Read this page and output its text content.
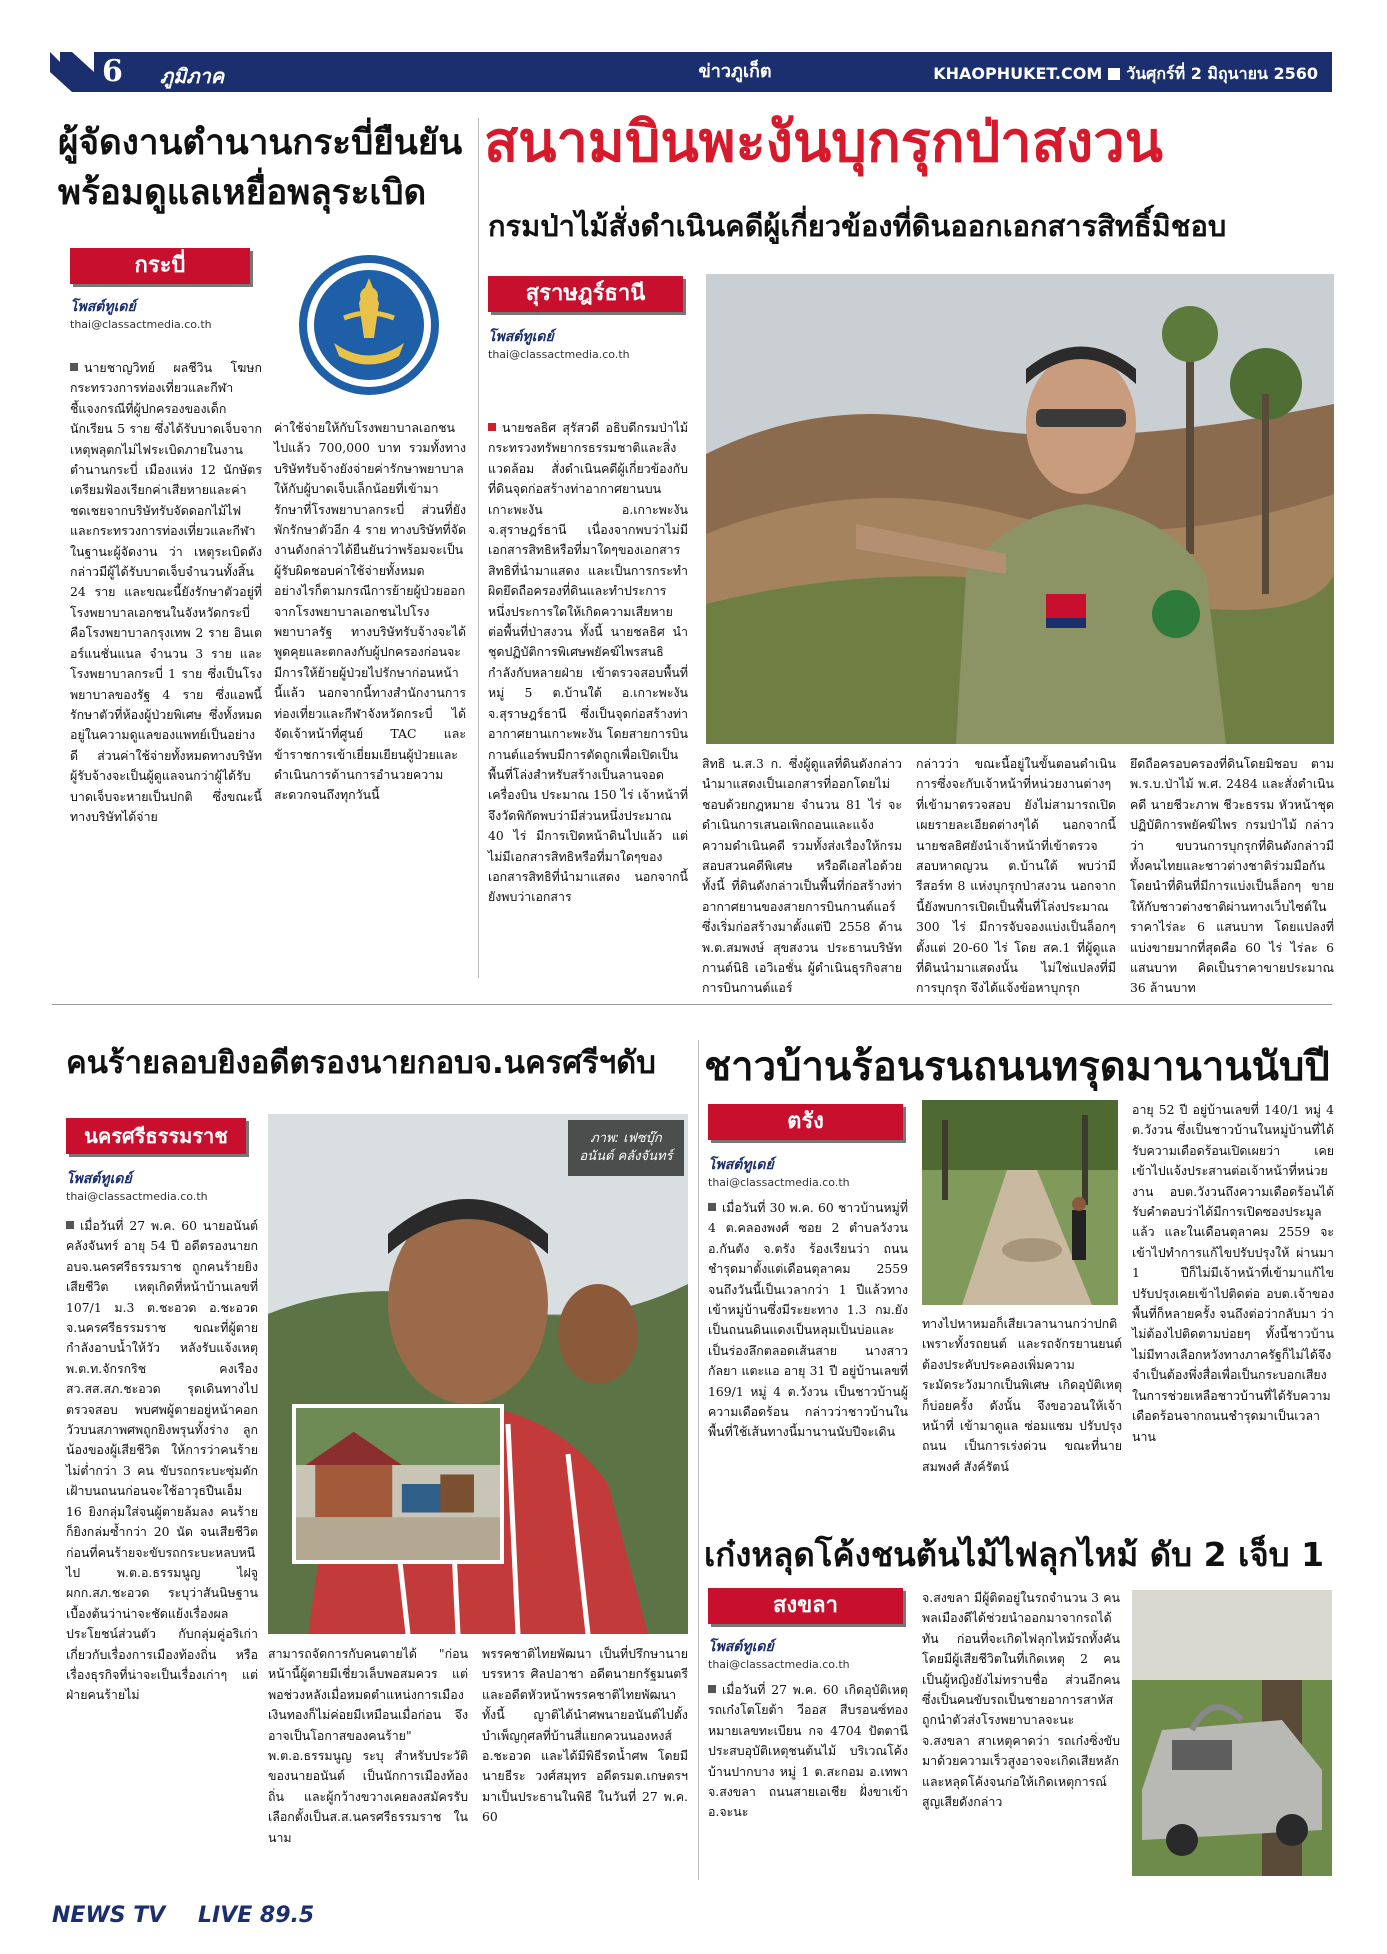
6 ภูมิภาค	ข่าวภูเก็ต	KHAOPHUKET.COM วันศุกร์ที่ 2 มิถุนายน 2560
ผู้จัดงานตำนานกระบี่ยืนยัน พร้อมดูแลเหยื่อพลุระเบิด
กระบี่
โพสต์ทูเดย์
thai@classactmedia.co.th
นายชาญวิทย์ ผลชีวิน โฆษกกระทรวงการท่องเที่ยวและกีฬา ชี้แจงกรณีที่ผู้ปกครองของเด็กนักเรียน 5 ราย ซึ่งได้รับบาดเจ็บจากเหตุพลุตกไม่ไฟระเบิดภายในงานตำนานกระบี่ เมืองแห่ง 12 นักษัตร เตรียมฟ้องเรียกค่าเสียหายและค่าชดเชยจากบริษัทรับจัดดอกไม้ไฟ และกระทรวงการท่องเที่ยวและกีฬา ในฐานะผู้จัดงาน ว่า เหตุระเบิดดังกล่าวมีผู้ได้รับบาดเจ็บจำนวนทั้งสิ้น 24 ราย และขณะนี้ยังรักษาตัวอยู่ที่โรงพยาบาลเอกชนในจังหวัดกระบี่ คือโรงพยาบาลกรุงเทพ 2 ราย อินเตอร์แนชั่นแนล จำนวน 3 ราย และโรงพยาบาลกระบี่ 1 ราย ซึ่งเป็นโรงพยาบาลของรัฐ 4 ราย ซึ่งแอพนี้รักษาตัวที่ห้องผู้ป่วยพิเศษ ซึ่งทั้งหมดอยู่ในความดูแลของแพทย์เป็นอย่างดี ส่วนค่าใช้จ่ายทั้งหมดทางบริษัทผู้รับจ้างจะเป็นผู้ดูแลจนกว่าผู้ได้รับบาดเจ็บจะหายเป็นปกติ ซึ่งขณะนี้ทางบริษัทได้จ่าย
ค่าใช้จ่ายให้กับโรงพยาบาลเอกชนไปแล้ว 700,000 บาท รวมทั้งทางบริษัทรับจ้างยังจ่ายค่ารักษาพยาบาลให้กับผู้บาดเจ็บเล็กน้อยที่เข้ามารักษาที่โรงพยาบาลกระบี่ ส่วนที่ยังพักรักษาตัวอีก 4 ราย ทางบริษัทที่จัดงานดังกล่าวได้ยืนยันว่าพร้อมจะเป็นผู้รับผิดชอบค่าใช้จ่ายทั้งหมด อย่างไรก็ตามกรณีการย้ายผู้ป่วยออกจากโรงพยาบาลเอกชนไปโรงพยาบาลรัฐ ทางบริษัทรับจ้างจะได้พูดคุยและตกลงกับผู้ปกครองก่อนจะมีการให้ย้ายผู้ป่วยไปรักษาก่อนหน้านี้แล้ว นอกจากนี้ทางสำนักงานการท่องเที่ยวและกีฬาจังหวัดกระบี่ ได้จัดเจ้าหน้าที่ศูนย์ TAC และข้าราชการเข้าเยี่ยมเยียนผู้ป่วยและดำเนินการด้านการอำนวยความสะดวกจนถึงทุกวันนี้
สนามบินพะงันบุกรุกป่าสงวน
กรมป่าไม้สั่งดำเนินคดีผู้เกี่ยวข้องที่ดินออกเอกสารสิทธิ์มิชอบ
สุราษฎร์ธานี
โพสต์ทูเดย์
thai@classactmedia.co.th
นายชลธิศ สุรัสวดี อธิบดีกรมป่าไม้ กระทรวงทรัพยากรธรรมชาติและสิ่งแวดล้อม สั่งดำเนินคดีผู้เกี่ยวข้องกับที่ดินจุดก่อสร้างท่าอากาศยานบนเกาะพะงัน อ.เกาะพะงัน จ.สุราษฎร์ธานี เนื่องจากพบว่าไม่มีเอกสารสิทธิหรือที่มาใดๆของเอกสารสิทธิที่นำมาแสดง และเป็นการกระทำผิดยึดถือครองที่ดินและทำประการหนึ่งประการใดให้เกิดความเสียหายต่อพื้นที่ป่าสงวน ทั้งนี้ นายชลธิศ นำชุดปฏิบัติการพิเศษพยัคฆ์ไพรสนธิกำลังกับหลายฝ่าย เข้าตรวจสอบพื้นที่หมู่ 5 ต.บ้านใต้ อ.เกาะพะงัน จ.สุราษฎร์ธานี ซึ่งเป็นจุดก่อสร้างท่าอากาศยานเกาะพะงัน โดยสายการบินกานต์แอร์พบมีการตัดถูกเพื่อเปิดเป็นพื้นที่โล่งสำหรับสร้างเป็นลานจอดเครื่องบิน ประมาณ 150 ไร่ เจ้าหน้าที่จึงวัดพิกัดพบว่ามีส่วนหนึ่งประมาณ 40 ไร่ มีการเปิดหน้าดินไปแล้ว แต่ไม่มีเอกสารสิทธิหรือที่มาใดๆของเอกสารสิทธิที่นำมาแสดง นอกจากนี้ยังพบว่าเอกสาร
สิทธิ น.ส.3 ก. ซึ่งผู้ดูแลที่ดินดังกล่าวนำมาแสดงเป็นเอกสารที่ออกโดยไม่ชอบด้วยกฎหมาย จำนวน 81 ไร่ จะดำเนินการเสนอเพิกถอนและแจ้งความดำเนินคดี รวมทั้งส่งเรื่องให้กรมสอบสวนคดีพิเศษ หรือดีเอสไอด้วย ทั้งนี้ ที่ดินดังกล่าวเป็นพื้นที่ก่อสร้างท่าอากาศยานของสายการบินกานต์แอร์ ซึ่งเริ่มก่อสร้างมาตั้งแต่ปี 2558 ด้าน พ.ต.สมพงษ์ สุขสงวน ประธานบริษัท กานต์นิธิ เอวิเอชั่น ผู้ดำเนินธุรกิจสายการบินกานต์แอร์
กล่าวว่า ขณะนี้อยู่ในขั้นตอนดำเนินการซึ่งจะกับเจ้าหน้าที่หน่วยงานต่างๆ ที่เข้ามาตรวจสอบ ยังไม่สามารถเปิดเผยรายละเอียดต่างๆได้ นอกจากนี้ นายชลธิศยังนำเจ้าหน้าที่เข้าตรวจสอบหาดญวน ต.บ้านใต้ พบว่ามีรีสอร์ท 8 แห่งบุกรุกป่าสงวน นอกจากนี้ยังพบการเปิดเป็นพื้นที่โล่งประมาณ 300 ไร่ มีการจับจองแบ่งเป็นล็อกๆตั้งแต่ 20-60 ไร่ โดย สค.1 ที่ผู้ดูแลที่ดินนำมาแสดงนั้น ไม่ใช่แปลงที่มีการบุกรุก จึงได้แจ้งข้อหาบุกรุก
ยึดถือครอบครองที่ดินโดยมิชอบ ตาม พ.ร.บ.ป่าไม้ พ.ศ. 2484 และสั่งดำเนินคดี นายชีวะภาพ ชีวะธรรม หัวหน้าชุดปฏิบัติการพยัคฆ์ไพร กรมป่าไม้ กล่าวว่า ขบวนการบุกรุกที่ดินดังกล่าวมีทั้งคนไทยและชาวต่างชาติร่วมมือกัน โดยนำที่ดินที่มีการแบ่งเป็นล็อกๆ ขายให้กับชาวต่างชาติผ่านทางเว็บไซต์ในราคาไร่ละ 6 แสนบาท โดยแปลงที่แบ่งขายมากที่สุดคือ 60 ไร่ ไร่ละ 6 แสนบาท คิดเป็นราคาขายประมาณ 36 ล้านบาท
คนร้ายลอบยิงอดีตรองนายกอบจ.นครศรีฯดับ
นครศรีธรรมราช
โพสต์ทูเดย์
thai@classactmedia.co.th
ภาพ: เฟซบุ๊ก
อนันต์ คลังจันทร์
เมื่อวันที่ 27 พ.ค. 60 นายอนันต์ คลังจันทร์ อายุ 54 ปี อดีตรองนายก อบจ.นครศรีธรรมราช ถูกคนร้ายยิงเสียชีวิต เหตุเกิดที่หน้าบ้านเลขที่ 107/1 ม.3 ต.ชะอวด อ.ชะอวด จ.นครศรีธรรมราช ขณะที่ผู้ตายกำลังอาบน้ำให้วัว หลังรับแจ้งเหตุ พ.ต.ท.จักรกริช คงเรือง สว.สส.สภ.ชะอวด รุดเดินทางไปตรวจสอบ พบศพผู้ตายอยู่หน้าคอกวัวบนสภาพศพถูกยิงพรุนทั้งร่าง ลูกน้องของผู้เสียชีวิต ให้การว่าคนร้ายไม่ต่ำกว่า 3 คน ขับรถกระบะซุ่มดักเฝ้าบนถนนก่อนจะใช้อาวุธปืนเอ็ม 16 ยิงกลุ่มใส่จนผู้ตายล้มลง คนร้ายก็ยิงกล่มซ้ำกว่า 20 นัด จนเสียชีวิต ก่อนที่คนร้ายจะขับรถกระบะหลบหนีไป พ.ต.อ.ธรรมนูญ ไฝจู ผกก.สภ.ชะอวด ระบุว่าสันนิษฐานเบื้องต้นว่าน่าจะชัดแย้งเรื่องผลประโยชน์ส่วนตัว กับกลุ่มคู่อริเก่าเกี่ยวกับเรื่องการเมืองท้องถิ่น หรือ เรื่องธุรกิจที่น่าจะเป็นเรื่องเก่าๆ แต่ฝ่ายคนร้ายไม่
สามารถจัดการกับคนตายได้ "ก่อนหน้านี้ผู้ตายมีเชี่ยวเล็บพอสมควร แต่พอช่วงหลังเมื่อหมดตำแหน่งการเมือง เงินทองก็ไม่ค่อยมีเหมือนเมื่อก่อน จึงอาจเป็นโอกาสของคนร้าย" พ.ต.อ.ธรรมนูญ ระบุ สำหรับประวัติของนายอนันต์ เป็นนักการเมืองท้องถิ่น และผู้กว้างขวางเคยลงสมัครรับเลือกตั้งเป็นส.ส.นครศรีธรรมราช ในนาม
พรรคชาติไทยพัฒนา เป็นที่ปรึกษานายบรรหาร ศิลปอาชา อดีตนายกรัฐมนตรี และอดีตหัวหน้าพรรคชาติไทยพัฒนา ทั้งนี้ ญาติได้นำศพนายอนันต์ไปตั้งบำเพ็ญกุศลที่บ้านสี่แยกควนนองหงส์ อ.ชะอวด และได้มีพิธีรดน้ำศพ โดยมีนายธีระ วงศ์สมุทร อดีตรมต.เกษตรฯมาเป็นประธานในพิธี ในวันที่ 27 พ.ค. 60
ชาวบ้านร้อนรนถนนทรุดมานานนับปี
ตรัง
โพสต์ทูเดย์
thai@classactmedia.co.th
เมื่อวันที่ 30 พ.ค. 60 ชาวบ้านหมู่ที่ 4 ต.คลองพงศ์ ซอย 2 ตำบลวังวน อ.กันตัง จ.ตรัง ร้องเรียนว่า ถนนชำรุดมาตั้งแต่เดือนตุลาคม 2559 จนถึงวันนี้เป็นเวลากว่า 1 ปีแล้วทางเข้าหมู่บ้านซึ่งมีระยะทาง 1.3 กม.ยังเป็นถนนดินแดงเป็นหลุมเป็นบ่อและ เป็นร่องลึกตลอดเส้นสาย นางสาวกัลยา แตะแอ อายุ 31 ปี อยู่บ้านเลขที่ 169/1 หมู่ 4 ต.วังวน เป็นชาวบ้านผู้ความเดือดร้อน กล่าวว่าชาวบ้านในพื้นที่ใช้เส้นทางนี้มานานนับปีจะเดิน
ทางไปหาหมอก็เสียเวลานานกว่าปกติเพราะทั้งรถยนต์ และรถจักรยานยนต์ ต้องประคับประคองเพิ่มความระมัดระวังมากเป็นพิเศษ เกิดอุบัติเหตุก็บ่อยครั้ง ดังนั้น จึงขอวอนให้เจ้าหน้าที่ เข้ามาดูแล ซ่อมแซม ปรับปรุง ถนน เป็นการเร่งด่วน ขณะที่นายสมพงศ์ สังค์รัตน์
อายุ 52 ปี อยู่บ้านเลขที่ 140/1 หมู่ 4 ต.วังวน ซึ่งเป็นชาวบ้านในหมู่บ้านที่ได้รับความเดือดร้อนเปิดเผยว่า เคยเข้าไปแจ้งประสานต่อเจ้าหน้าที่หน่วยงาน อบต.วังวนถึงความเดือดร้อนได้รับคำตอบว่าได้มีการเปิดซองประมูลแล้ว และในเดือนตุลาคม 2559 จะเข้าไปทำการแก้ไขปรับปรุงให้ ผ่านมา 1 ปีก็ไม่มีเจ้าหน้าที่เข้ามาแก้ไขปรับปรุงเคยเข้าไปติดต่อ อบต.เจ้าของพื้นที่ก็หลายครั้ง จนถึงต่อว่ากลับมา ว่าไม่ต้องไปติดตามบ่อยๆ ทั้งนี้ชาวบ้านไม่มีทางเลือกหวังทางภาครัฐก็ไม่ได้จึงจำเป็นต้องพึ่งสื่อเพื่อเป็นกระบอกเสียงในการช่วยเหลือชาวบ้านที่ได้รับความเดือดร้อนจากถนนชำรุดมาเป็นเวลานาน
เก๋งหลุดโค้งชนต้นไม้ไฟลุกไหม้ ดับ 2 เจ็บ 1
สงขลา
โพสต์ทูเดย์
thai@classactmedia.co.th
เมื่อวันที่ 27 พ.ค. 60 เกิดอุบัติเหตุรถเก๋งโตโยต้า วีออส สีบรอนซ์ทอง หมายเลขทะเบียน กจ 4704 ปัตตานี ประสบอุบัติเหตุชนต้นไม้ บริเวณโค้งบ้านปากบาง หมู่ 1 ต.สะกอม อ.เทพา จ.สงขลา ถนนสายเอเชีย ฝั่งขาเข้า อ.จะนะ
จ.สงขลา มีผู้ติดอยู่ในรถจำนวน 3 คนพลเมืองดีได้ช่วยนำออกมาจากรถได้ทัน ก่อนที่จะเกิดไฟลุกไหม้รถทั้งคัน โดยมีผู้เสียชีวิตในที่เกิดเหตุ 2 คน เป็นผู้หญิงยังไม่ทราบชื่อ ส่วนอีกคนซึ่งเป็นคนขับรถเป็นชายอาการสาหัส ถูกนำตัวส่งโรงพยาบาลจะนะ จ.สงขลา สาเหตุคาดว่า รถเก๋งซิ่งขับมาด้วยความเร็วสูงอาจจะเกิดเสียหลักและหลุดโค้งจนก่อให้เกิดเหตุการณ์สูญเสียดังกล่าว
NEWS TV LIVE 89.5
